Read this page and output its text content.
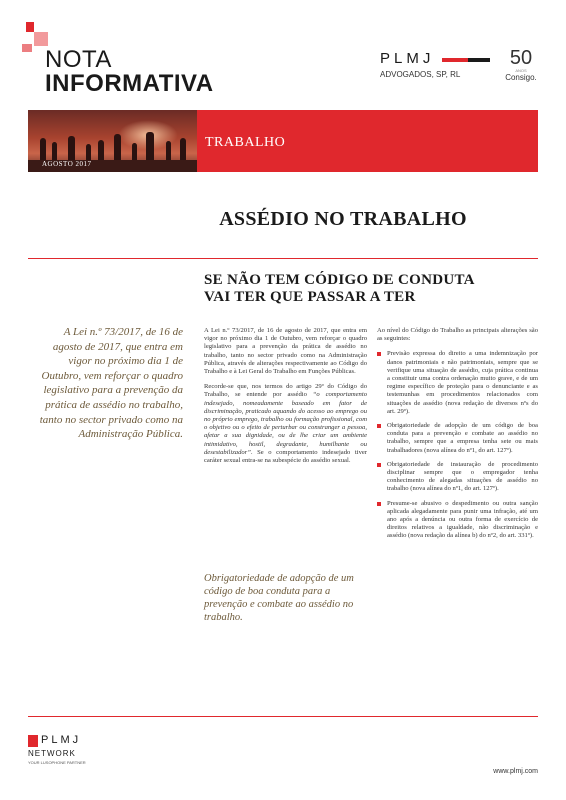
NOTA
INFORMATIVA
PLMJ
ADVOGADOS, SP, RL
50
ANOS
Consigo.
AGOSTO 2017
TRABALHO
ASSÉDIO NO TRABALHO
SE NÃO TEM CÓDIGO DE CONDUTA
VAI TER QUE PASSAR A TER
A Lei n.º 73/2017, de 16 de agosto de 2017, que entra em vigor no próximo dia 1 de Outubro, vem reforçar o quadro legislativo para a prevenção da prática de assédio no trabalho, tanto no sector privado como na Administração Pública.

A Lei n.º 73/2017, de 16 de agosto de 2017, que entra em vigor no próximo dia 1 de Outubro, vem reforçar o quadro legislativo para a prevenção da prática de assédio no trabalho, tanto no sector privado como na Administração Pública, através de alterações respectivamente ao Código do Trabalho e à Lei Geral do Trabalho em Funções Públicas.

Recorde-se que, nos termos do artigo 29º do Código do Trabalho, se entende por assédio “o comportamento indesejado, nomeadamente baseado em fator de discriminação, praticado aquando do acesso ao emprego ou no próprio emprego, trabalho ou formação profissional, com o objetivo ou o efeito de perturbar ou constranger a pessoa, afetar a sua dignidade, ou de lhe criar um ambiente intimidativo, hostil, degradante, humilhante ou desestabilizador”. Se o comportamento indesejado tiver caráter sexual entra-se na subespécie do assédio sexual.

Obrigatoriedade de adopção de um código de boa conduta para a prevenção e combate ao assédio no trabalho.

Ao nível do Código do Trabalho as principais alterações são as seguintes:

Previsão expressa do direito a uma indemnização por danos patrimoniais e não patrimoniais, sempre que se verifique uma situação de assédio, cuja prática continua a constituir uma contra ordenação muito grave, e de um regime específico de proteção para o denunciante e as testemunhas em procedimentos relacionados com situações de assédio (nova redação de diversos nºs do art. 29º).
Obrigatoriedade de adopção de um código de boa conduta para a prevenção e combate ao assédio no trabalho, sempre que a empresa tenha sete ou mais trabalhadores (nova alínea do nº1, do art. 127º).
Obrigatoriedade de instauração de procedimento disciplinar sempre que o empregador tenha conhecimento de alegadas situações de assédio no trabalho (nova alínea do nº1, do art. 127º).
Presume-se abusivo o despedimento ou outra sanção aplicada alegadamente para punir uma infração, até um ano após a denúncia ou outra forma de exercício de direitos relativos a igualdade, não discriminação e assédio (nova redação da alínea b) do nº2, do art. 331º).
PLMJ
NETWORK
YOUR LUSOPHONE PARTNER
www.plmj.com
